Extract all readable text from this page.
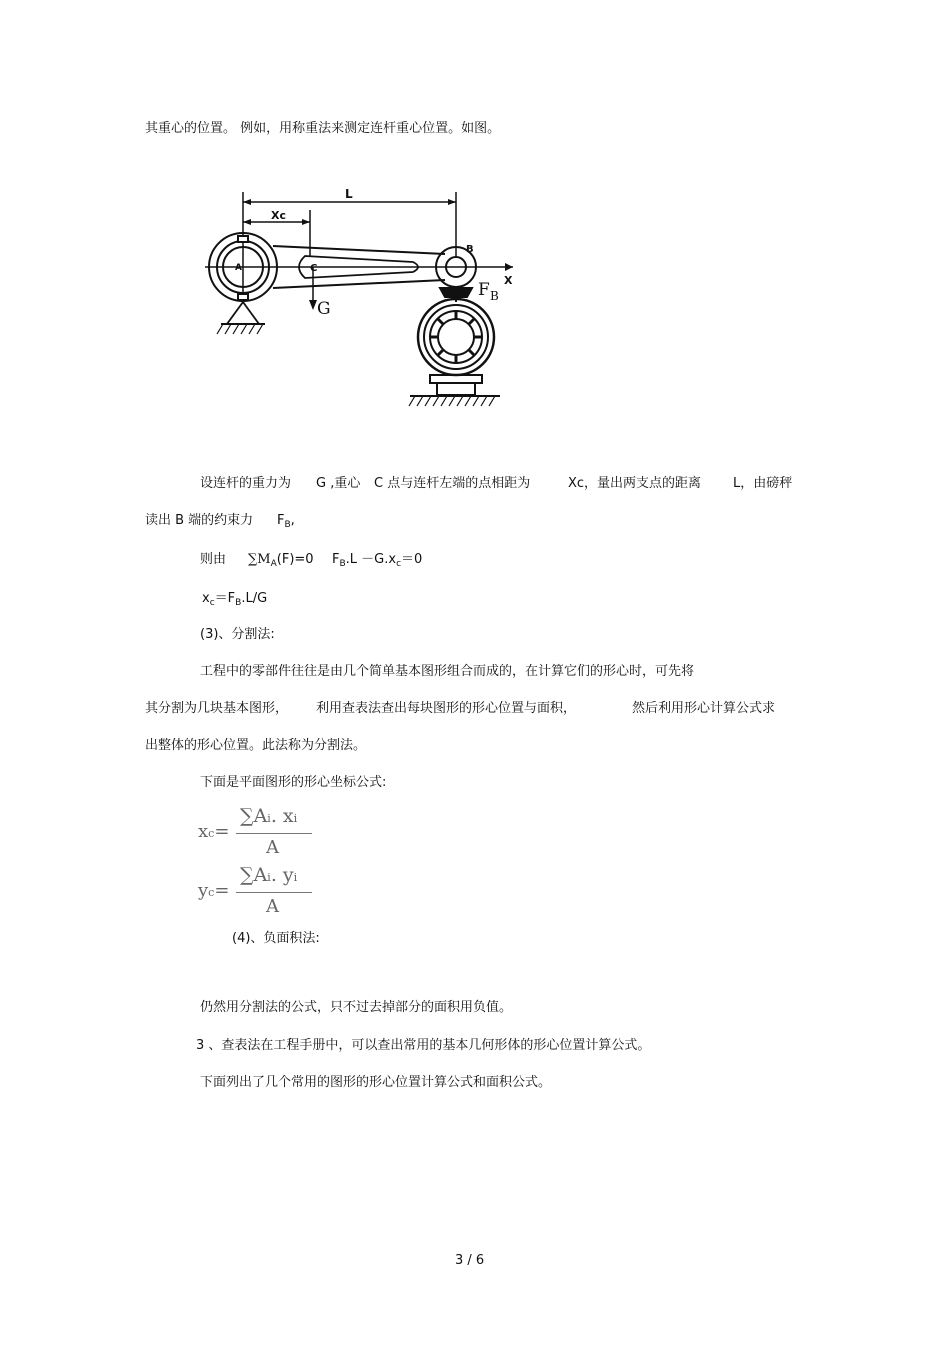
其重心的位置。 例如，用称重法来测定连杆重心位置。如图。
L
Xc
A
B
C
X
G
F B
设连杆的重力为 G ,重心 C 点与连杆左端的点相距为	Xc，量出两支点的距离 L，由磅秤
读出 B 端的约束力 $F_B$,
则由 $\sum M_A(F)=0$ $F_B.L -G.x_c=0$
$x_c=F_B.L/G$
(3)、分割法:
工程中的零部件往往是由几个简单基本图形组合而成的，在计算它们的形心时，可先将
其分割为几块基本图形， 利用查表法查出每块图形的形心位置与面积，	然后利用形心计算公式求
出整体的形心位置。此法称为分割法。
下面是平面图形的形心坐标公式:
xc=
∑Ai. xi
A
yc=
∑Ai. yi
A
(4)、负面积法:
仍然用分割法的公式，只不过去掉部分的面积用负值。
3 、查表法在工程手册中，可以查出常用的基本几何形体的形心位置计算公式。
下面列出了几个常用的图形的形心位置计算公式和面积公式。
3 / 6
